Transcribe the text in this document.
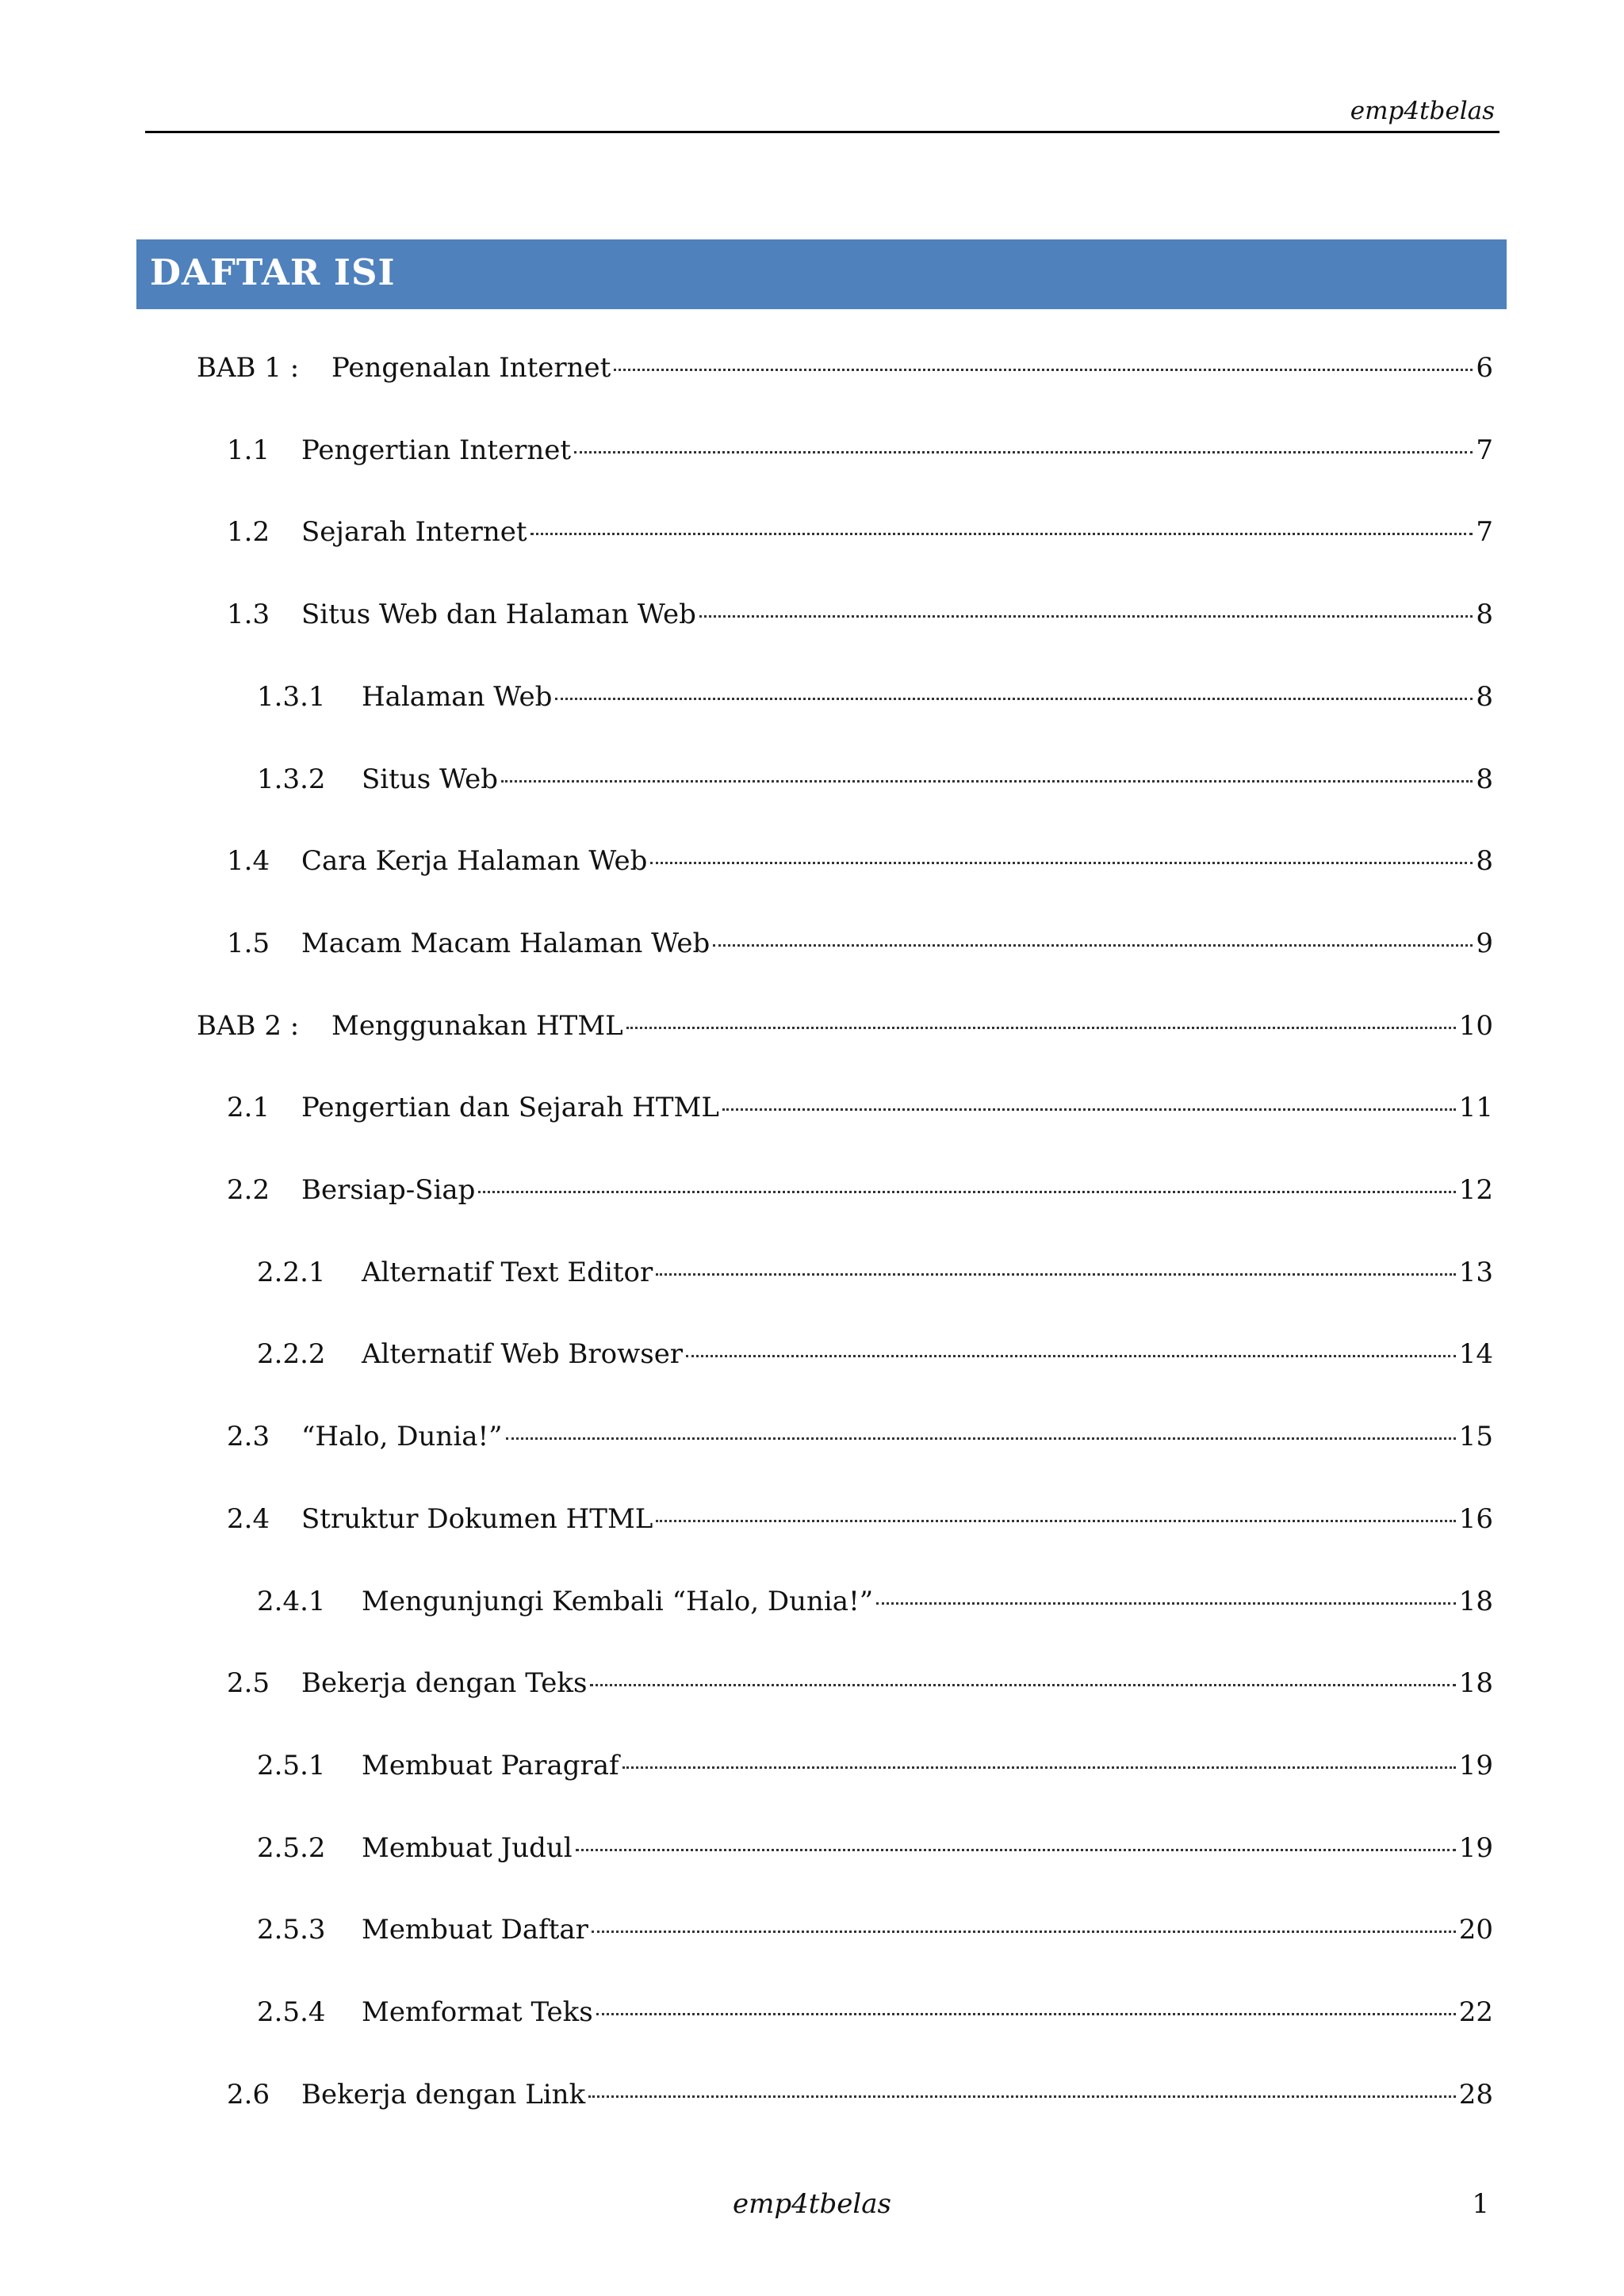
emp4tbelas
DAFTAR ISI
BAB 1 :	Pengenalan Internet	6
1.1	Pengertian Internet	7
1.2	Sejarah Internet	7
1.3	Situs Web dan Halaman Web	8
1.3.1	Halaman Web	8
1.3.2	Situs Web	8
1.4	Cara Kerja Halaman Web	8
1.5	Macam Macam Halaman Web	9
BAB 2 :	Menggunakan HTML	10
2.1	Pengertian dan Sejarah HTML	11
2.2	Bersiap-Siap	12
2.2.1	Alternatif Text Editor	13
2.2.2	Alternatif Web Browser	14
2.3	“Halo, Dunia!”	15
2.4	Struktur Dokumen HTML	16
2.4.1	Mengunjungi Kembali “Halo, Dunia!”	18
2.5	Bekerja dengan Teks	18
2.5.1	Membuat Paragraf	19
2.5.2	Membuat Judul	19
2.5.3	Membuat Daftar	20
2.5.4	Memformat Teks	22
2.6	Bekerja dengan Link	28
emp4tbelas	1
